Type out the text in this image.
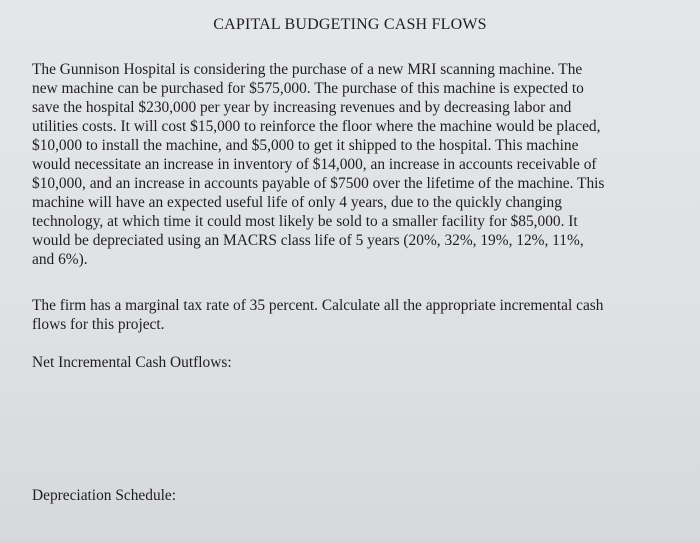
CAPITAL BUDGETING CASH FLOWS
The Gunnison Hospital is considering the purchase of a new MRI scanning machine. The
new machine can be purchased for $575,000. The purchase of this machine is expected to
save the hospital $230,000 per year by increasing revenues and by decreasing labor and
utilities costs. It will cost $15,000 to reinforce the floor where the machine would be placed,
$10,000 to install the machine, and $5,000 to get it shipped to the hospital. This machine
would necessitate an increase in inventory of $14,000, an increase in accounts receivable of
$10,000, and an increase in accounts payable of $7500 over the lifetime of the machine. This
machine will have an expected useful life of only 4 years, due to the quickly changing
technology, at which time it could most likely be sold to a smaller facility for $85,000. It
would be depreciated using an MACRS class life of 5 years (20%, 32%, 19%, 12%, 11%,
and 6%).
The firm has a marginal tax rate of 35 percent. Calculate all the appropriate incremental cash
flows for this project.
Net Incremental Cash Outflows:
Depreciation Schedule:
